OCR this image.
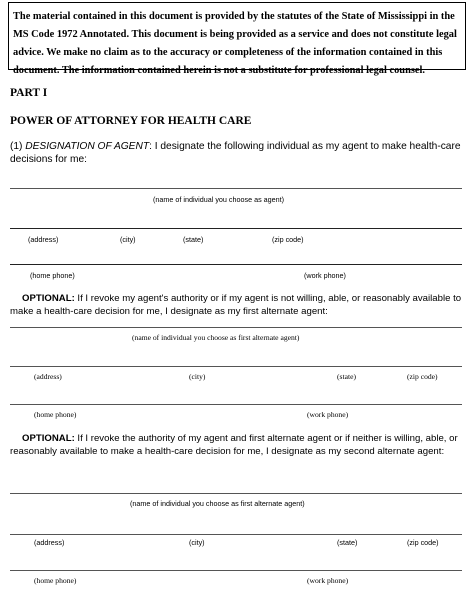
The material contained in this document is provided by the statutes of the State of Mississippi in the MS Code 1972 Annotated. This document is being provided as a service and does not constitute legal advice. We make no claim as to the accuracy or completeness of the information contained in this document. The information contained herein is not a substitute for professional legal counsel.
PART I
POWER OF ATTORNEY FOR HEALTH CARE
(1) DESIGNATION OF AGENT: I designate the following individual as my agent to make health-care decisions for me:
(name of individual you choose as agent)
(address)	(city)	(state)	(zip code)
(home phone)	(work phone)
OPTIONAL: If I revoke my agent's authority or if my agent is not willing, able, or reasonably available to make a health-care decision for me, I designate as my first alternate agent:
(name of individual you choose as first alternate agent)
(address)	(city)	(state)	(zip code)
(home phone)	(work phone)
OPTIONAL: If I revoke the authority of my agent and first alternate agent or if neither is willing, able, or reasonably available to make a health-care decision for me, I designate as my second alternate agent:
(name of individual you choose as first alternate agent)
(address)	(city)	(state)	(zip code)
(home phone)	(work phone)
